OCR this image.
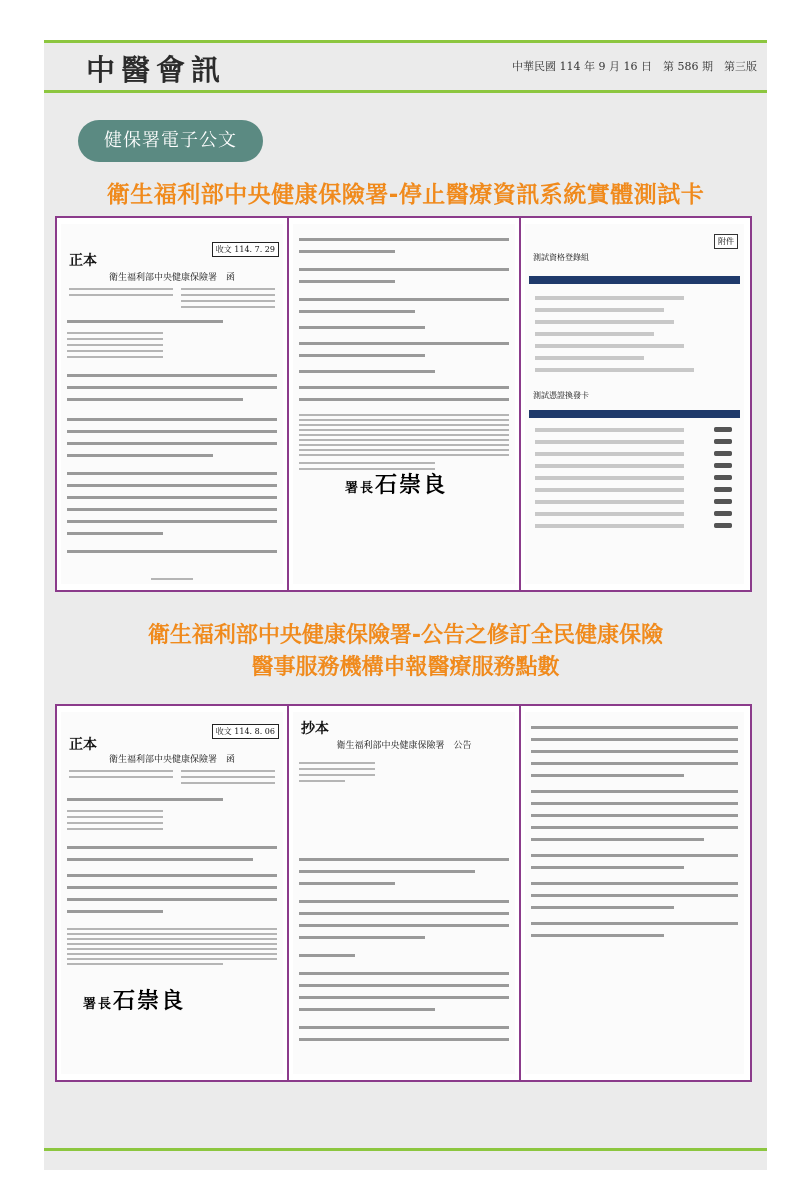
中醫會訊	中華民國 114 年 9 月 16 日　第 586 期　第三版
健保署電子公文
衛生福利部中央健康保險署-停止醫療資訊系統實體測試卡
正本
收文 114. 7. 29
衛生福利部中央健康保險署　函
署長石崇良
附件
測試資格登錄組
測試憑證換發卡
衛生福利部中央健康保險署-公告之修訂全民健康保險
醫事服務機構申報醫療服務點數
正本
收文 114. 8. 06
衛生福利部中央健康保險署　函
署長石崇良
抄本
衛生福利部中央健康保險署　公告
